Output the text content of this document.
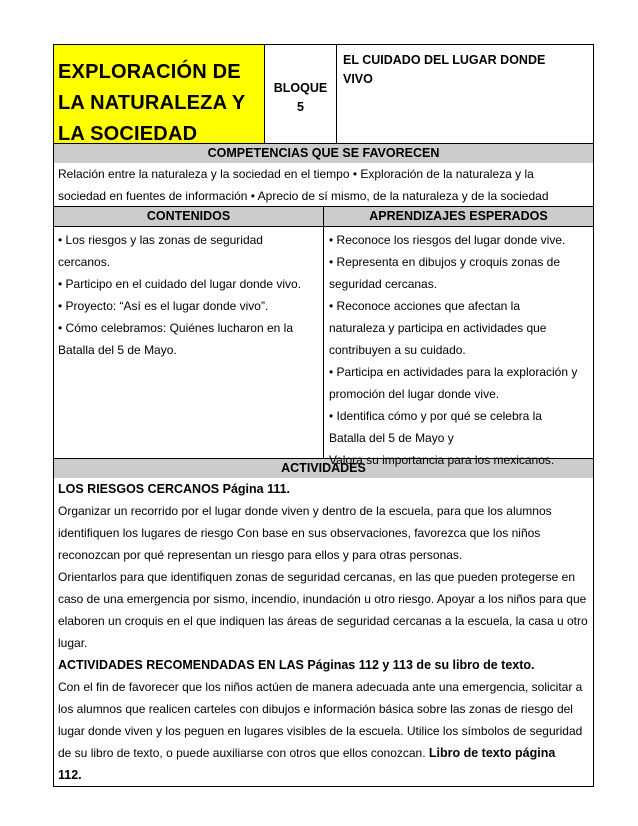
EXPLORACIÓN DE
LA NATURALEZA Y
LA SOCIEDAD
BLOQUE
5
EL CUIDADO DEL LUGAR DONDE
VIVO
COMPETENCIAS QUE SE FAVORECEN
Relación entre la naturaleza y la sociedad en el tiempo • Exploración de la naturaleza y la
sociedad en fuentes de información • Aprecio de sí mismo, de la naturaleza y de la sociedad
CONTENIDOS	APRENDIZAJES ESPERADOS
• Los riesgos y las zonas de seguridad
cercanos.
• Participo en el cuidado del lugar donde vivo.
• Proyecto: “Así es el lugar donde vivo”.
• Cómo celebramos: Quiénes lucharon en la
Batalla del 5 de Mayo.
• Reconoce los riesgos del lugar donde vive.
• Representa en dibujos y croquis zonas de
seguridad cercanas.
• Reconoce acciones que afectan la
naturaleza y participa en actividades que
contribuyen a su cuidado.
• Participa en actividades para la exploración y
promoción del lugar donde vive.
• Identifica cómo y por qué se celebra la
Batalla del 5 de Mayo y
Valora su importancia para los mexicanos.
ACTIVIDADES
LOS RIESGOS CERCANOS Página 111.
Organizar un recorrido por el lugar donde viven y dentro de la escuela, para que los alumnos
identifiquen los lugares de riesgo Con base en sus observaciones, favorezca que los niños
reconozcan por qué representan un riesgo para ellos y para otras personas.
Orientarlos para que identifiquen zonas de seguridad cercanas, en las que pueden protegerse en
caso de una emergencia por sismo, incendio, inundación u otro riesgo. Apoyar a los niños para que
elaboren un croquis en el que indiquen las áreas de seguridad cercanas a la escuela, la casa u otro
lugar.
ACTIVIDADES RECOMENDADAS EN LAS Páginas 112 y 113 de su libro de texto.
Con el fin de favorecer que los niños actúen de manera adecuada ante una emergencia, solicitar a
los alumnos que realicen carteles con dibujos e información básica sobre las zonas de riesgo del
lugar donde viven y los peguen en lugares visibles de la escuela. Utilice los símbolos de seguridad
de su libro de texto, o puede auxiliarse con otros que ellos conozcan. Libro de texto página
112.
